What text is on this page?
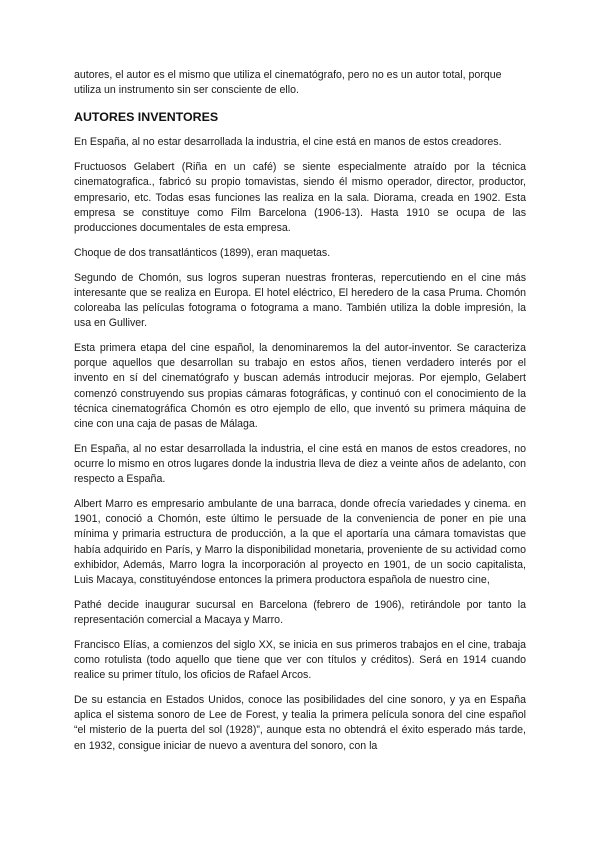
autores, el autor es el mismo que utiliza el cinematógrafo, pero no es un autor total, porque utiliza un instrumento sin ser consciente de ello.

AUTORES INVENTORES

En España, al no estar desarrollada la industria, el cine está en manos de estos creadores.

Fructuosos Gelabert (Riña en un café) se siente especialmente atraído por la técnica cinematografica., fabricó su propio tomavistas, siendo él mismo operador, director, productor, empresario, etc. Todas esas funciones las realiza en la sala. Diorama, creada en 1902. Esta empresa se constituye como Film Barcelona (1906-13). Hasta 1910 se ocupa de las producciones documentales de esta empresa.

Choque de dos transatlánticos (1899), eran maquetas.

Segundo de Chomón, sus logros superan nuestras fronteras, repercutiendo en el cine más interesante que se realiza en Europa. El hotel eléctrico, El heredero de la casa Pruma. Chomón coloreaba las películas fotograma o fotograma a mano. También utiliza la doble impresión, la usa en Gulliver.

Esta primera etapa del cine español, la denominaremos la del autor-inventor. Se caracteriza porque aquellos que desarrollan su trabajo en estos años, tienen verdadero interés por el invento en sí del cinematógrafo y buscan además introducir mejoras. Por ejemplo, Gelabert comenzó construyendo sus propias cámaras fotográficas, y continuó con el conocimiento de la técnica cinematográfica Chomón es otro ejemplo de ello, que inventó su primera máquina de cine con una caja de pasas de Málaga.

En España, al no estar desarrollada la industria, el cine está en manos de estos creadores, no ocurre lo mismo en otros lugares donde la industria lleva de diez a veinte años de adelanto, con respecto a España.

Albert Marro es empresario ambulante de una barraca, donde ofrecía variedades y cinema. en 1901, conoció a Chomón, este último le persuade de la conveniencia de poner en pie una mínima y primaria estructura de producción, a la que el aportaría una cámara tomavistas que había adquirido en París, y Marro la disponibilidad monetaria, proveniente de su actividad como exhibidor, Además, Marro logra la incorporación al proyecto en 1901, de un socio capitalista, Luis Macaya, constituyéndose entonces la primera productora española de nuestro cine,

Pathé decide inaugurar sucursal en Barcelona (febrero de 1906), retirándole por tanto la representación comercial a Macaya y Marro.

Francisco Elías, a comienzos del siglo XX, se inicia en sus primeros trabajos en el cine, trabaja como rotulista (todo aquello que tiene que ver con títulos y créditos). Será en 1914 cuando realice su primer título, los oficios de Rafael Arcos.

De su estancia en Estados Unidos, conoce las posibilidades del cine sonoro, y ya en España aplica el sistema sonoro de Lee de Forest, y tealia la primera película sonora del cine español “el misterio de la puerta del sol (1928)”, aunque esta no obtendrá el éxito esperado más tarde, en 1932, consigue iniciar de nuevo a aventura del sonoro, con la
